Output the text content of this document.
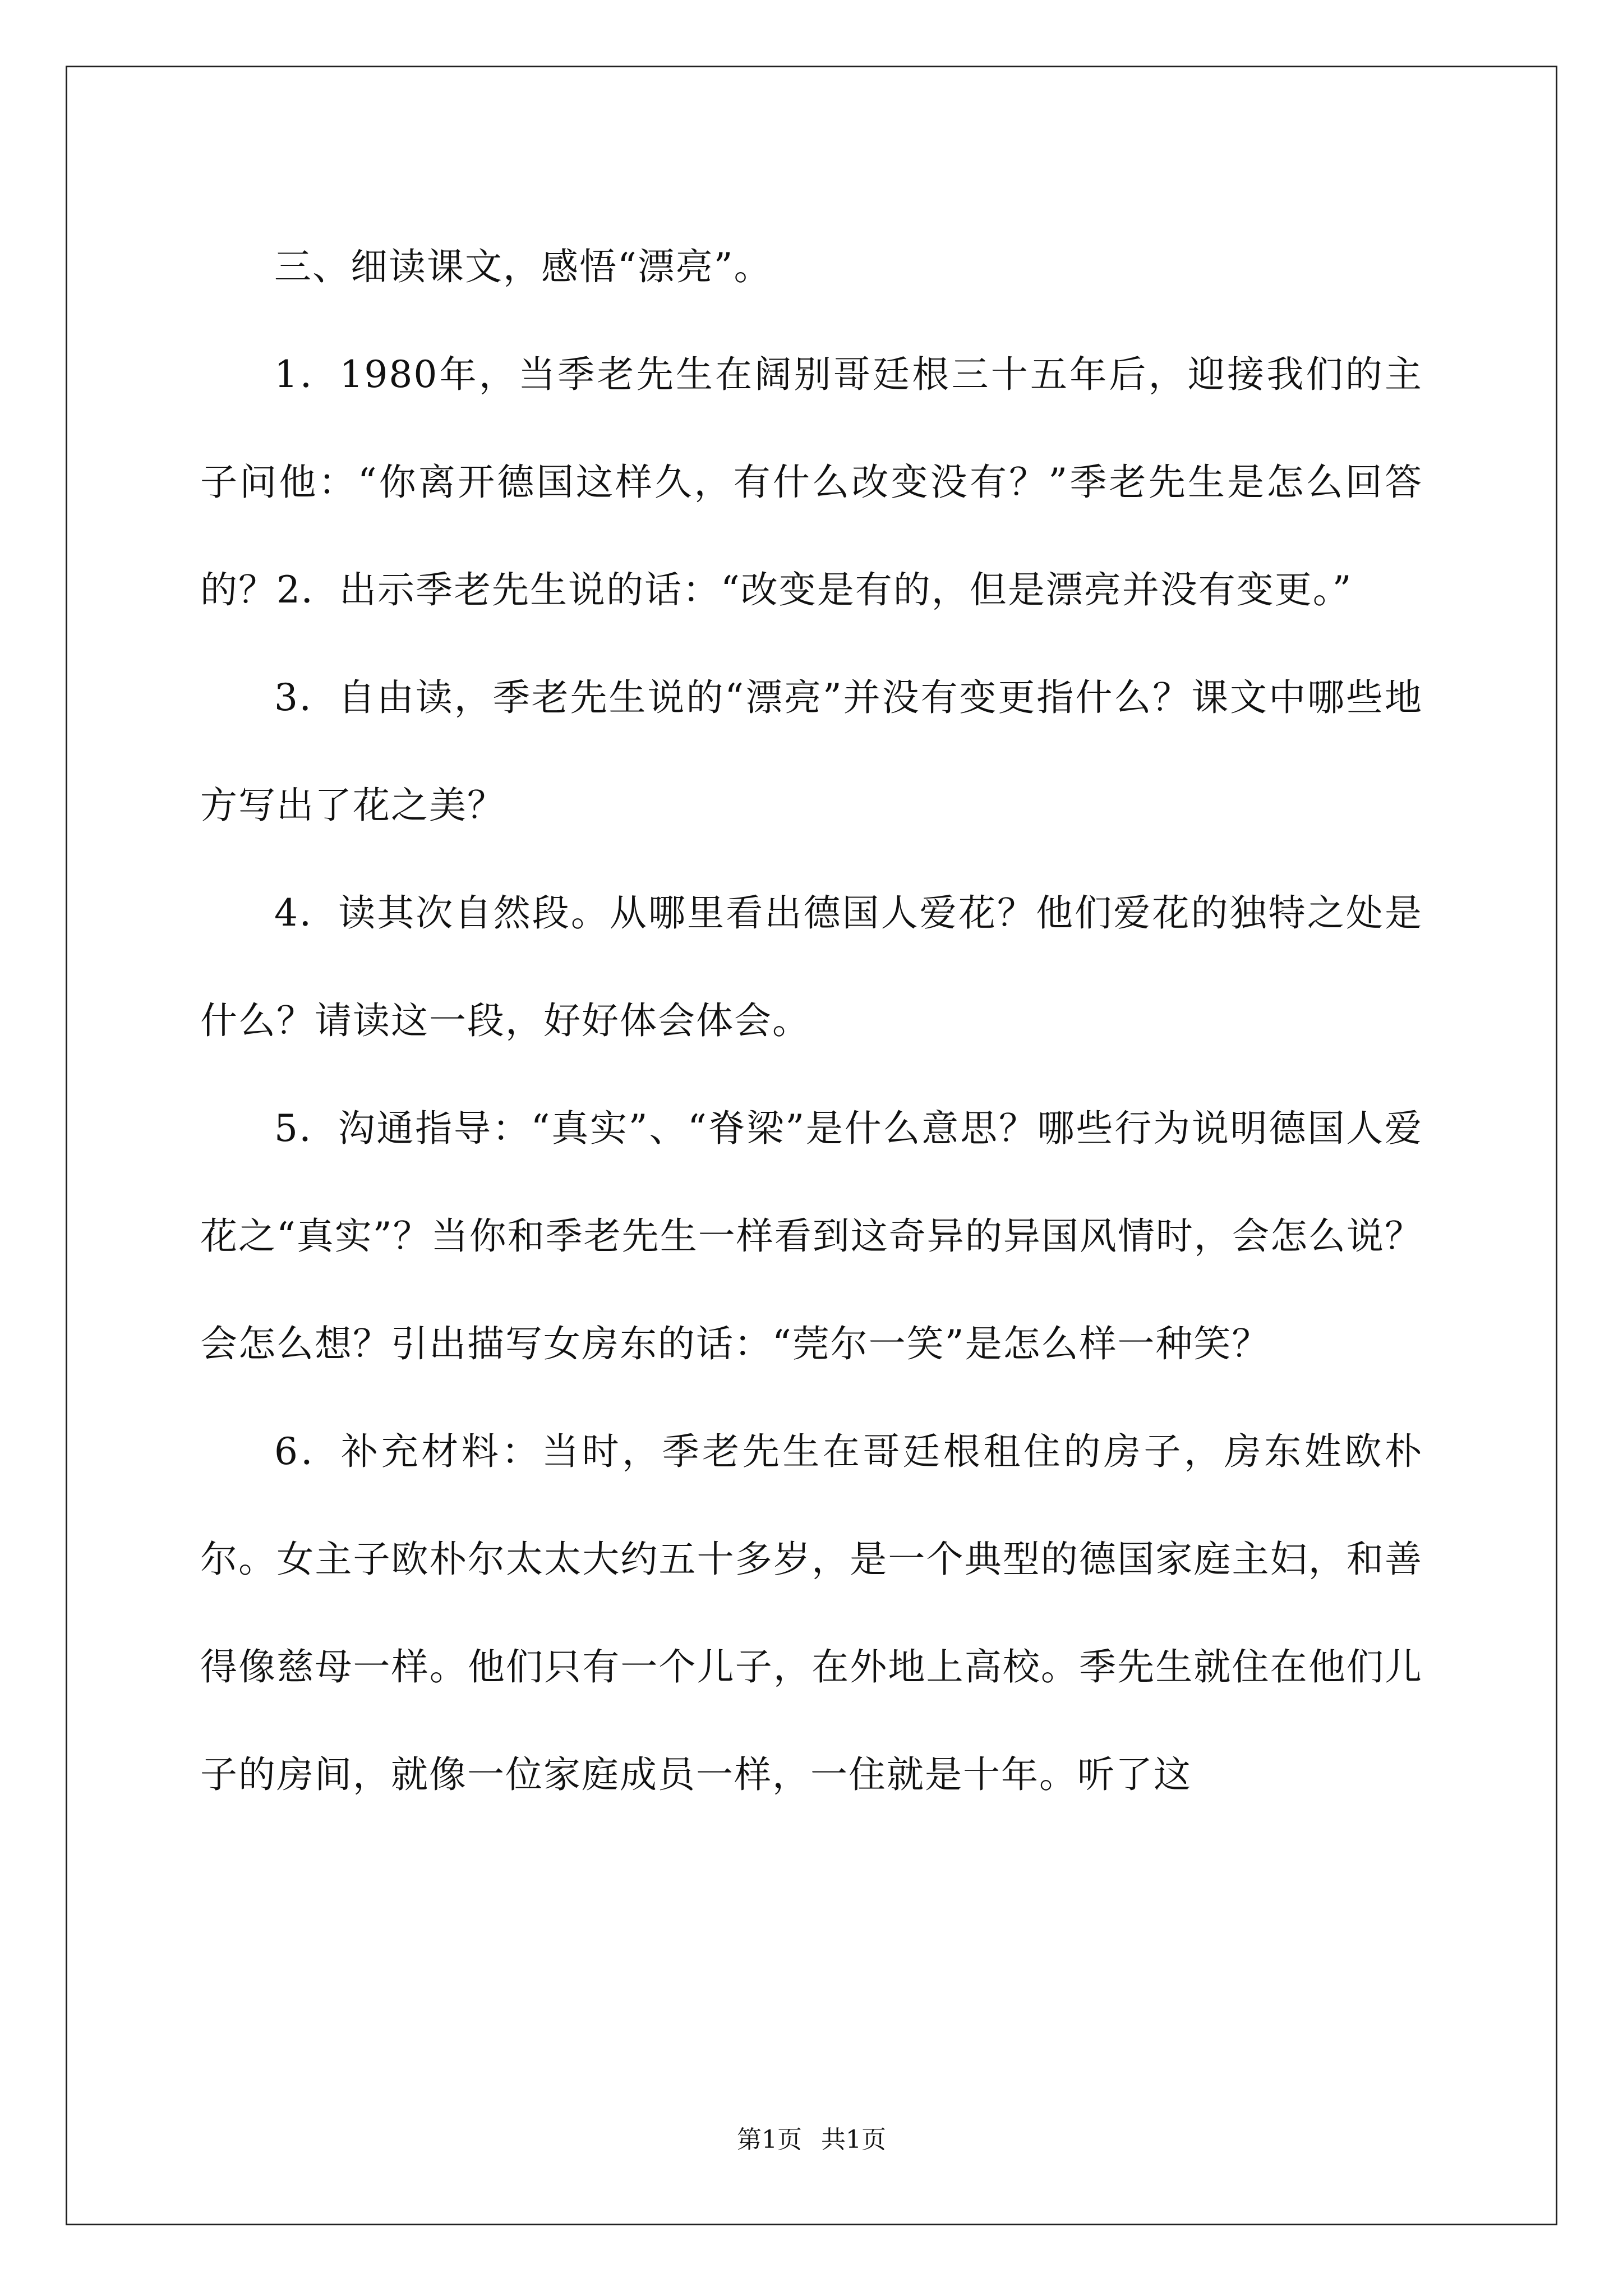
三、细读课文，感悟“漂亮”。

1．1980年，当季老先生在阔别哥廷根三十五年后，迎接我们的主子问他：“你离开德国这样久，有什么改变没有？”季老先生是怎么回答的？2．出示季老先生说的话：“改变是有的，但是漂亮并没有变更。”

3．自由读，季老先生说的“漂亮”并没有变更指什么？课文中哪些地方写出了花之美？

4．读其次自然段。从哪里看出德国人爱花？他们爱花的独特之处是什么？请读这一段，好好体会体会。

5．沟通指导：“真实”、“脊梁”是什么意思？哪些行为说明德国人爱花之“真实”？当你和季老先生一样看到这奇异的异国风情时，会怎么说？会怎么想？引出描写女房东的话：“莞尔一笑”是怎么样一种笑？

6．补充材料：当时，季老先生在哥廷根租住的房子，房东姓欧朴尔。女主子欧朴尔太太大约五十多岁，是一个典型的德国家庭主妇，和善得像慈母一样。他们只有一个儿子，在外地上高校。季先生就住在他们儿子的房间，就像一位家庭成员一样，一住就是十年。听了这

第1页 共1页
